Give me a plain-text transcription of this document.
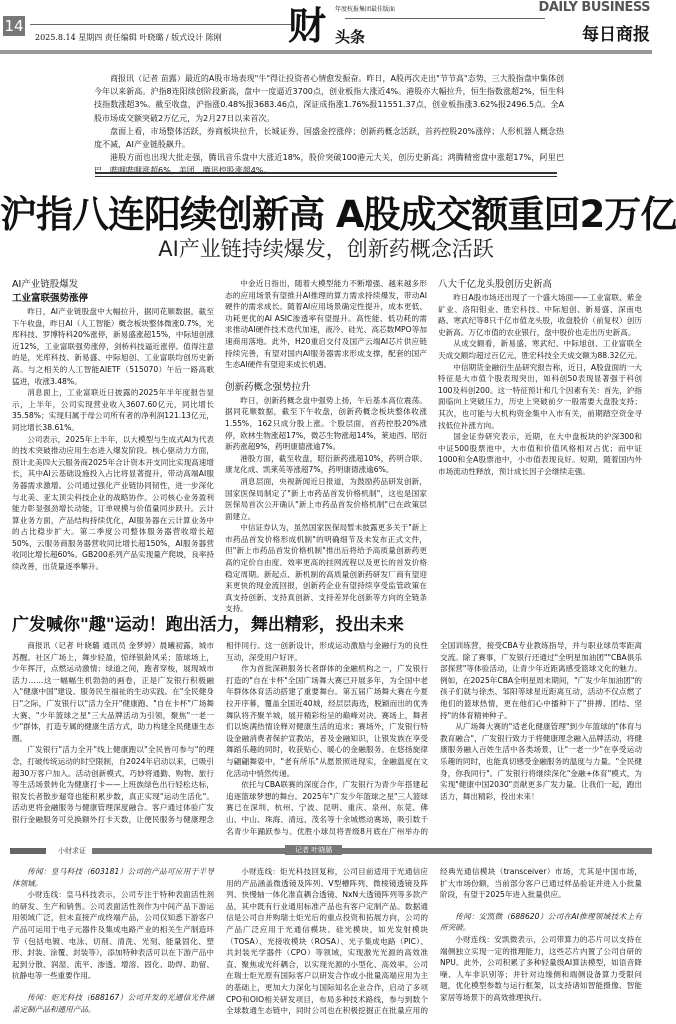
14
2025.8.14 星期四 责任编辑 叶晓璐 / 版式设计 陈刚 财 年度杭报集团最佳版面
头条
DAILY BUSINESS
每日商报

商报讯（记者 苗露）最近的A股市场表现"牛"得让投资者心情愈发振奋。昨日，A股再次走出"节节高"态势，三大股指盘中集体创今年以来新高。沪指8连阳续创阶段新高，盘中一度逼近3700点，创业板指大涨近4%。港股亦大幅拉升，恒生指数涨超2%，恒生科技指数涨超3%。截至收盘，沪指涨0.48%报3683.46点，深证成指涨1.76%报11551.37点，创业板指涨3.62%报2496.5点。全A股市场成交额突破2万亿元，为2月27日以来首次。

盘面上看，市场整体活跃，券商板块拉升，长城证券、国盛金控涨停；创新药概念活跃，首药控股20%涨停；人形机器人概念热度不减，AI产业链股飙升。

港股方面也出现大批走强，腾讯音乐盘中大涨近18%，股价突破100港元大关，创历史新高；鸿腾精密盘中涨超17%，阿里巴巴、哔哩哔哩涨超6%，美团、腾讯控股涨超4%。

沪指八连阳续创新高 A股成交额重回2万亿
AI产业链持续爆发，创新药概念活跃

AI产业链股爆发

工业富联强势涨停

昨日，AI产业链股盘中大幅拉升，据同花顺数据，截至下午收盘，昨日AI（人工智能）概念板块整体微涨0.7%，光库科技、罗博特科20%涨停，新易盛涨超15%，中际旭创涨近12%，工业富联强势涨停，剑桥科技逼近涨停。值得注意的是，光库科技、新易盛、中际旭创、工业富联均创历史新高。与之相关的人工智能AIETF（515070）午后一路高歌猛进，收涨3.48%。

消息面上，工业富联近日披露的2025年半年度报告显示，上半年，公司实现营业收入3607.60亿元，同比增长35.58%；实现归属于母公司所有者的净利润121.13亿元，同比增长38.61%。

公司表示，2025年上半年，以大模型与生成式AI为代表的技术突破推动应用生态进入爆发阶段。核心驱动力方面，预计北美四大云服务商2025年合计资本开支同比实现高速增长，其中AI云基础设施投入占比将显著提升，带动高端AI服务器需求激增。公司通过强化产业链协同韧性，进一步深化与北美、亚太顶尖科技企业的战略协作。公司核心业务盈利能力彰显强劲增长动能，订单规模与价值量同步跃升。云计算业务方面，产品结构持续优化，AI服务器在云计算业务中的占比稳步扩大。第二季度公司整体服务器营收增长超50%，云服务商服务器营收同比增长超150%，AI服务器营收同比增长超60%。GB200系列产品实现量产爬坡，良率持续改善，出货量逐季攀升。

中金近日指出，随着大模型能力不断增强、越来越多形态的应用场景有望推升AI推理的算力需求持续爆发，带动AI硬件的需求成长。随着AI应用场景确定性提升，成本更低、功耗更优的AI ASIC渗透率有望提升。高性能、低功耗的需求推动AI硬件技术迭代加速，液冷、硅光、高芯数MPO等加速商用落地。此外，H20重启交付及国产云端AI芯片供应链持续完善，有望对国内AI服务器需求形成支撑，配套的国产生态AI硬件有望迎来成长机遇。

创新药概念强势拉升

昨日，创新药概念盘中强势上扬，午后基本高位震荡。据同花顺数据，截至下午收盘，创新药概念板块整体收涨1.55%，162只成分股上涨。个股层面，首药控股20%涨停，欧林生物涨超17%，微芯生物涨超14%，莱迪西、昭衍新药涨超9%，药明康德涨逾7%。

港股方面，截至收盘，昭衍新药涨超10%，药明合联、康龙化成、凯莱英等涨超7%，药明康德涨逾6%。

消息层面，央视新闻近日报道，为鼓励药品研发创新，国家医保局制定了"新上市药品首发价格机制"，这也是国家医保局首次公开确认"新上市药品首发价格机制"已在政策层面建立。

中信证券认为，虽然国家医保局暂未披露更多关于"新上市药品首发价格形成机制"的明确细节及未发布正式文件，但"新上市药品首发价格机制"推出后将给予高质量创新药更高的定价自由度、效率更高的挂网流程以及更长的首发价格稳定周期。新起点、新机制的高质量创新药研发厂商有望迎来更快的现金流回报，创新药企业有望持续享受监管政策在真支持创新、支持真创新、支持差异化创新等方向的全链条支持。

八大千亿龙头股创历史新高

昨日A股市场还出现了一个盛大场面——工业富联、紫金矿业、洛阳钼业、胜宏科技、中际旭创、新易盛、深南电路、寒武纪等8只千亿市值龙头股，收盘股价（前复权）创历史新高。万亿市值的农业银行，盘中股价也走出历史新高。

从成交额看，新易盛、寒武纪、中际旭创、工业富联全天成交额均超过百亿元，胜宏科技全天成交额为88.32亿元。

中信期货金融衍生品研究报告称，近日，A股盘面的一大特征是大市值个股表现突出，如科创50表现显著强于科创100及科创200。这一特征预计和几个因素有关：首先，沪指面临向上突破压力，历史上突破前夕一般需要大盘股支持；其次，也可能与大机构资金集中入市有关，前期踏空资金寻找低位补涨方向。

国金证券研究表示，近期，在大中盘板块的沪深300和中证500股票池中，大市值和价值风格相对占优；而中证1000和全A股票池中，小市值表现良好。短期，随着国内外市场流动性释放，预计成长因子会继续走强。

广发喊你"趣"运动！跑出活力，舞出精彩，投出未来

商报讯（记者 叶晓璐 通讯员 金梦婷）晨曦初露，城市苏醒。社区广场上，舞步轻盈，惊绎银龄风采；篮球场上，少年挥汗，点燃运动激情；绿道之间，跑者穿梭，展现城市活力……这一幅幅生机勃勃的画卷，正是广发银行积极融入"健康中国"建设、服务民生福祉的生动实践。在"全民健身日"之际，广发银行以"活力全开"健康跑、"自在卡杯"广场舞大赛、"少年篮球之星"三大品牌活动为引领，聚焦"一老一少"群体，打造专属的健康生活方式，助力构建全民健康生态圈。

广发银行"活力全开"线上健康跑以"全民皆可参与"的理念，打破传统运动的时空限制，自2024年启动以来，已吸引超30万客户加入。活动创新模式，巧妙将通勤、购物、旅行等生活场景转化为健康打卡——上班族绿色出行轻松达标，银发长者散步遛弯也能积累步数，真正实现"运动生活化"。活动更将金融服务与健康管理深度融合。客户通过体验广发银行金融服务可兑换额外打卡天数，让便民服务与健康理念相伴同行。这一创新设计，形成运动激励与金融行为的良性互动，深受用户好评。

作为首批深耕服务长者群体的金融机构之一，广发银行打造的"自在卡杯"全国广场舞大赛已开展多年，为全国中老年群体体育活动搭建了重要舞台。第五届广场舞大赛在今夏拉开序幕，覆盖全国近40城，经层层海选，脱颖而出的优秀舞队将齐聚羊城，展开精彩纷呈的巅峰对决。赛场上，舞者们以饱满热情诠释对健康生活的追求；赛场外，广发银行特设金融消费者保护宣教站，普及金融知识，让银发族在享受舞蹈乐趣的同时，收获贴心、暖心的金融服务。在悠扬旋律与翩翩舞姿中，"老有所乐"从愿景照进现实，金融温度在文化活动中悄然传递。

依托与CBA联赛的深度合作，广发银行为青少年搭建起追逐篮球梦想的舞台。2025年"广发少年篮球之星"三人篮球赛已在深圳、杭州、宁波、昆明、重庆、泉州、东莞、佛山、中山、珠海、清远、茂名等十余城燃动赛场，吸引数千名青少年踊跃参与。优胜小球员将晋级8月底在广州举办的全国训练营，接受CBA专业教练指导，并与职业球员零距离交流。除了赛事，广发银行还通过"全明星加油团""CBA俱乐部探营"等体验活动，让青少年近距离感受篮球文化的魅力。例如，在2025年CBA全明星周末期间，"广发少年加油团"的孩子们就与徐杰、邹阳等球星近距离互动，活动不仅点燃了他们的篮球热情，更在他们心中播种下了"拼搏、团结、坚持"的体育精神种子。

从广场舞大赛的"适老化健康管理"到少年篮球的"体育与教育融合"，广发银行致力于将健康理念融入品牌活动，将健康服务融入百姓生活中各类场景，让"一老一少"在享受运动乐趣的同时，也能真切感受金融服务的温度与力量。"全民健身，你我同行"。广发银行将继续深化"金融+体育"模式，为实现"健康中国2030"贡献更多广发力量。让我们一起，跑出活力，舞出精彩，投出未来！

小财求证	记者 叶晓璐

传闻：皇马科技（603181）公司的产品可应用于半导体领域。

小财连线：皇马科技表示，公司专注于特种表面活性剂的研发、生产和销售。公司表面活性剂作为中间产品下游运用领域广泛，但未直接产成终端产品，公司仅知悉下游客户产品可运用于电子元器件及集成电路产业的相关生产制造环节（包括电镀、电泳、切削、清洗、光刻、能量固化、塑形、封装、涂覆、封装等），添加特种表活可以在下游产品中起到分散、润湿、流平、渗透、增溶、固化、助焊、助留、抗静电等一些重要作用。

传闻：炬光科技（688167）公司开发的光通信光件涵盖定制产品和通用产品。

小财连线：炬光科技回复称，公司目前适用于光通信应用的产品涵盖微透镜及阵列、V型槽阵列、微棱镜透镜及阵列、快慢轴一体化准直耦合透镜、NxN大透镜阵列等多款产品，其中既有行业通用标准产品也有客户定制产品。数据通信是公司自并购瑞士炬光后的重点投资和拓展方向，公司的产品广泛应用于光通信模块、硅光模块，如光发射模块（TOSA）、光接收模块（ROSA）、光子集成电路（PIC）、共封装光学器件（CPO）等领域，实现激光光源的高效准直、聚焦或光纤耦合，以实现光源的小型化、高效率。公司在瑞士炬光原有国际客户以研发合作或小批量高端应用为主的基础上，更加大力深化与国际知名企业合作，启动了多项CPO和OIO相关研发项目，布局多种技术路线，参与到数个全球数通生态链中，同时公司也在积极挖掘正在批量应用的经典光通信模块（transceiver）市场，尤其是中国市场，扩大市场份额，当前部分客户已通过样品验证并进入小批量阶段，有望于2025年进入批量供应。

传闻：安凯微（688620）公司在AI推理领域技术上有所突破。

小财连线：安凯微表示，公司带算力的芯片可以支持在端侧独立实现一定的推理能力，这些芯片内置了公司自研的NPU。此外，公司积累了多种轻量级AI算法模型，如语音降噪、人车非识别等；并针对边缘侧和端侧设备算力受限问题，优化模型参数与运行框架，以支持诸如智能摄像、智能家居等场景下的高效推理执行。
